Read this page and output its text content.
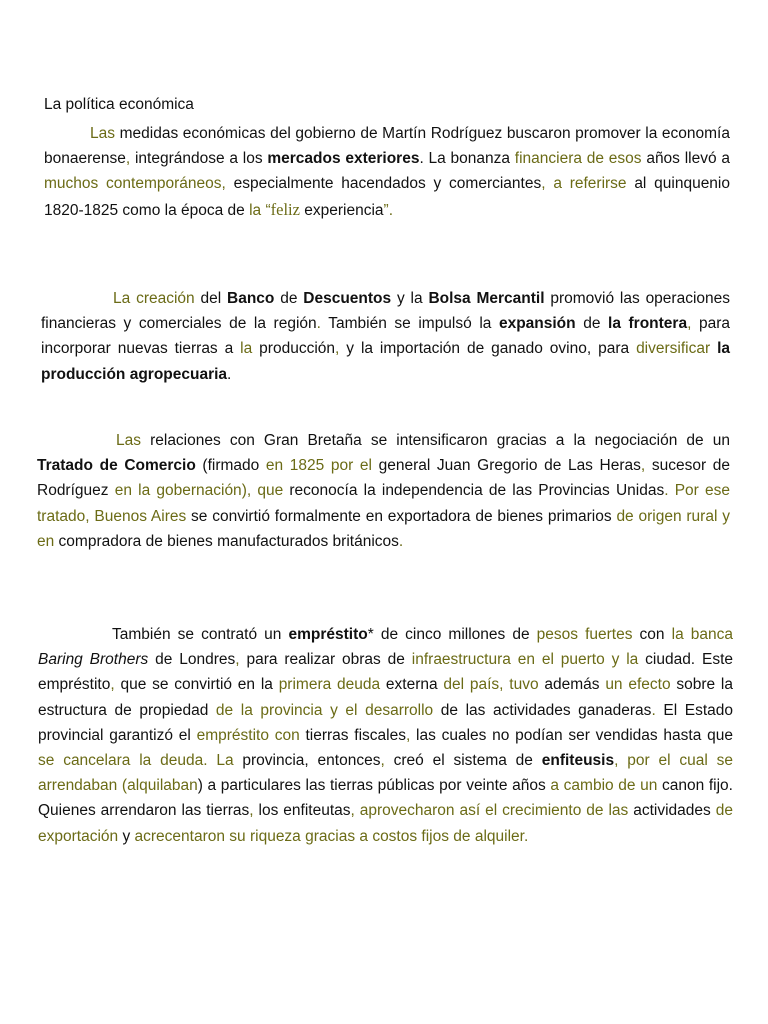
La política económica

Las medidas económicas del gobierno de Martín Rodríguez buscaron promover la economía bonaerense, integrándose a los mercados exteriores. La bonanza financiera de esos años llevó a muchos contemporáneos, especialmente hacendados y comerciantes, a referirse al quinquenio 1820-1825 como la época de la “feliz experiencia”.

La creación del Banco de Descuentos y la Bolsa Mercantil promovió las operaciones financieras y comerciales de la región. También se impulsó la expansión de la frontera, para incorporar nuevas tierras a la producción, y la importación de ganado ovino, para diversificar la producción agropecuaria.

Las relaciones con Gran Bretaña se intensificaron gracias a la negociación de un Tratado de Comercio (firmado en 1825 por el general Juan Gregorio de Las Heras, sucesor de Rodríguez en la gobernación), que reconocía la independencia de las Provincias Unidas. Por ese tratado, Buenos Aires se convirtió formalmente en exportadora de bienes primarios de origen rural y en compradora de bienes manufacturados británicos.

También se contrató un empréstito* de cinco millones de pesos fuertes con la banca Baring Brothers de Londres, para realizar obras de infraestructura en el puerto y la ciudad. Este empréstito, que se convirtió en la primera deuda externa del país, tuvo además un efecto sobre la estructura de propiedad de la provincia y el desarrollo de las actividades ganaderas. El Estado provincial garantizó el empréstito con tierras fiscales, las cuales no podían ser vendidas hasta que se cancelara la deuda. La provincia, entonces, creó el sistema de enfiteusis, por el cual se arrendaban (alquilaban) a particulares las tierras públicas por veinte años a cambio de un canon fijo. Quienes arrendaron las tierras, los enfiteutas, aprovecharon así el crecimiento de las actividades de exportación y acrecentaron su riqueza gracias a costos fijos de alquiler.
